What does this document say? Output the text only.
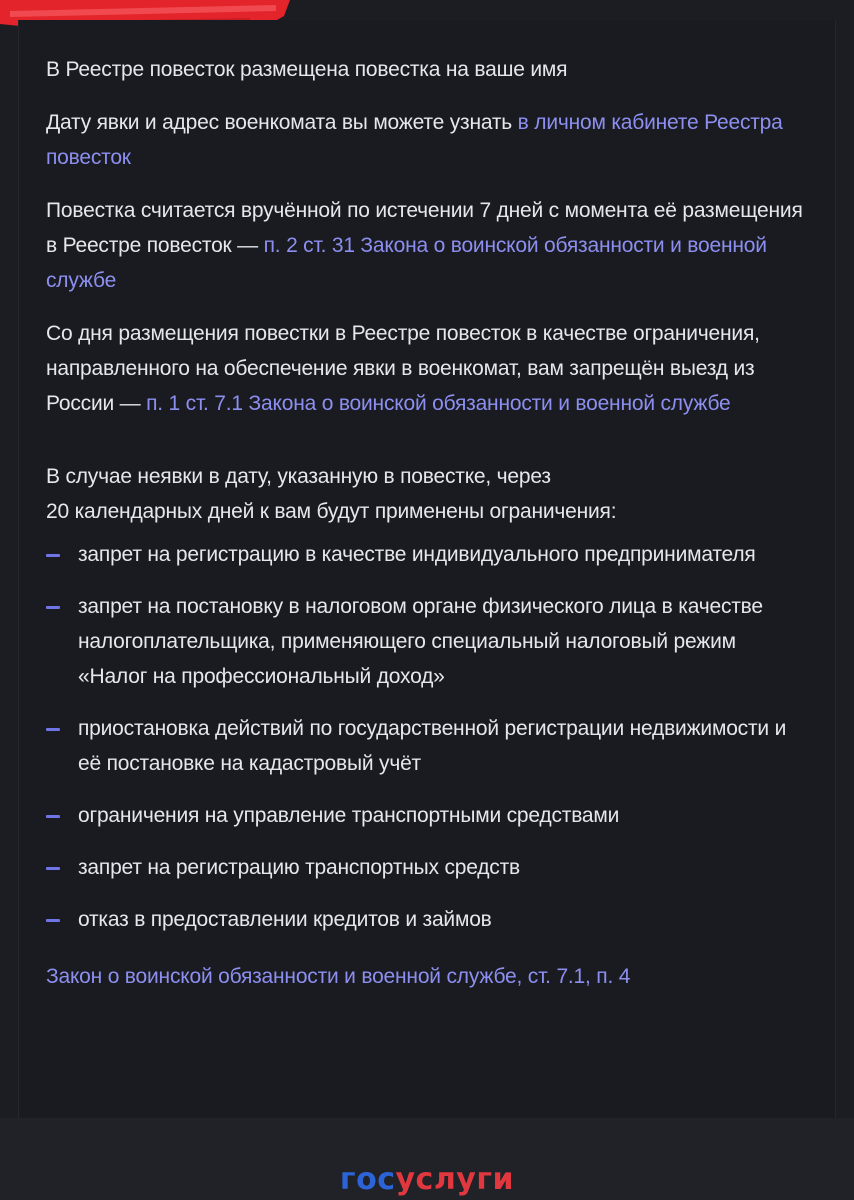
В Реестре повесток размещена повестка на ваше имя

Дату явки и адрес военкомата вы можете узнать в личном кабинете Реестра повесток

Повестка считается вручённой по истечении 7 дней с момента её размещения в Реестре повесток — п. 2 ст. 31 Закона о воинской обязанности и военной службе

Со дня размещения повестки в Реестре повесток в качестве ограничения, направленного на обеспечение явки в военкомат, вам запрещён выезд из России — п. 1 ст. 7.1 Закона о воинской обязанности и военной службе

В случае неявки в дату, указанную в повестке, через
20 календарных дней к вам будут применены ограничения:

запрет на регистрацию в качестве индивидуального предпринимателя
запрет на постановку в налоговом органе физического лица в качестве налогоплательщика, применяющего специальный налоговый режим «Налог на профессиональный доход»
приостановка действий по государственной регистрации недвижимости и её постановке на кадастровый учёт
ограничения на управление транспортными средствами
запрет на регистрацию транспортных средств
отказ в предоставлении кредитов и займов
Закон о воинской обязанности и военной службе, ст. 7.1, п. 4
госуслуги
